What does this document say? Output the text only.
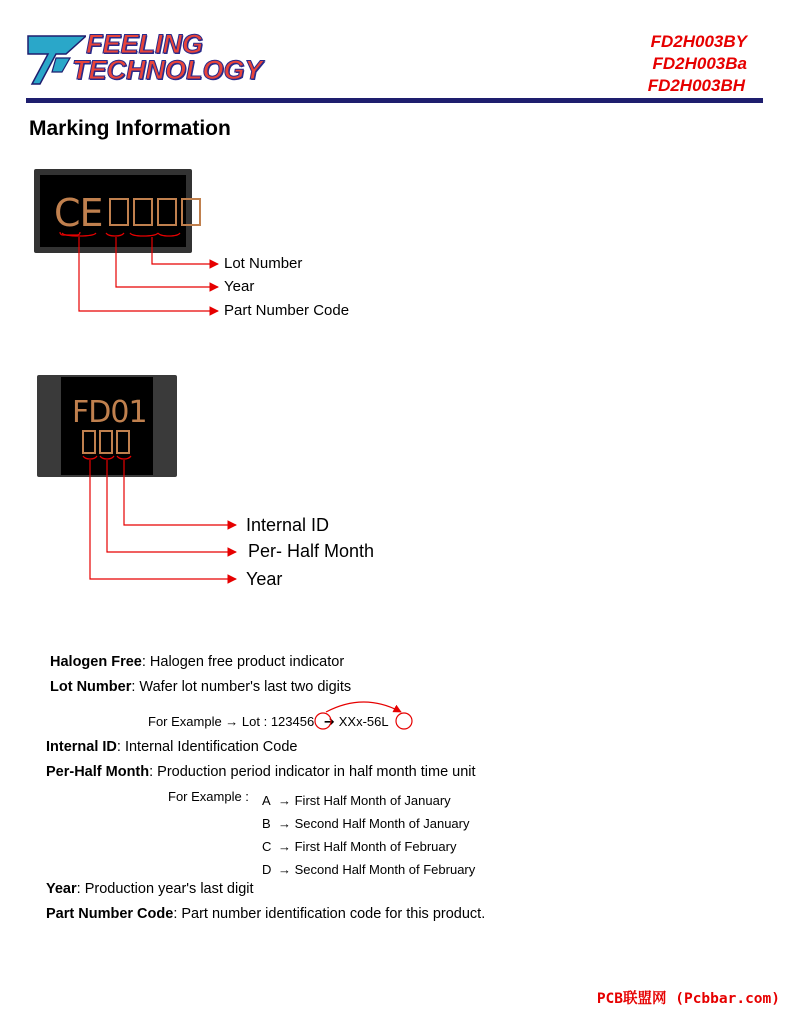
FEELING
TECHNOLOGY
FD2H003BY
FD2H003Ba
FD2H003BH
Marking Information
CE
Lot Number
Year
Part Number Code
FD01
Internal ID
Per- Half Month
Year
Halogen Free: Halogen free product indicator
Lot Number: Wafer lot number's last two digits
For Example → Lot : 123456 ➔ XXx-56L
Internal ID: Internal Identification Code
Per-Half Month: Production period indicator in half month time unit
For Example : A → First Half Month of January
B → Second Half Month of January
C → First Half Month of February
D → Second Half Month of February
Year: Production year's last digit
Part Number Code: Part number identification code for this product.
PCB联盟网 (Pcbbar.com)
